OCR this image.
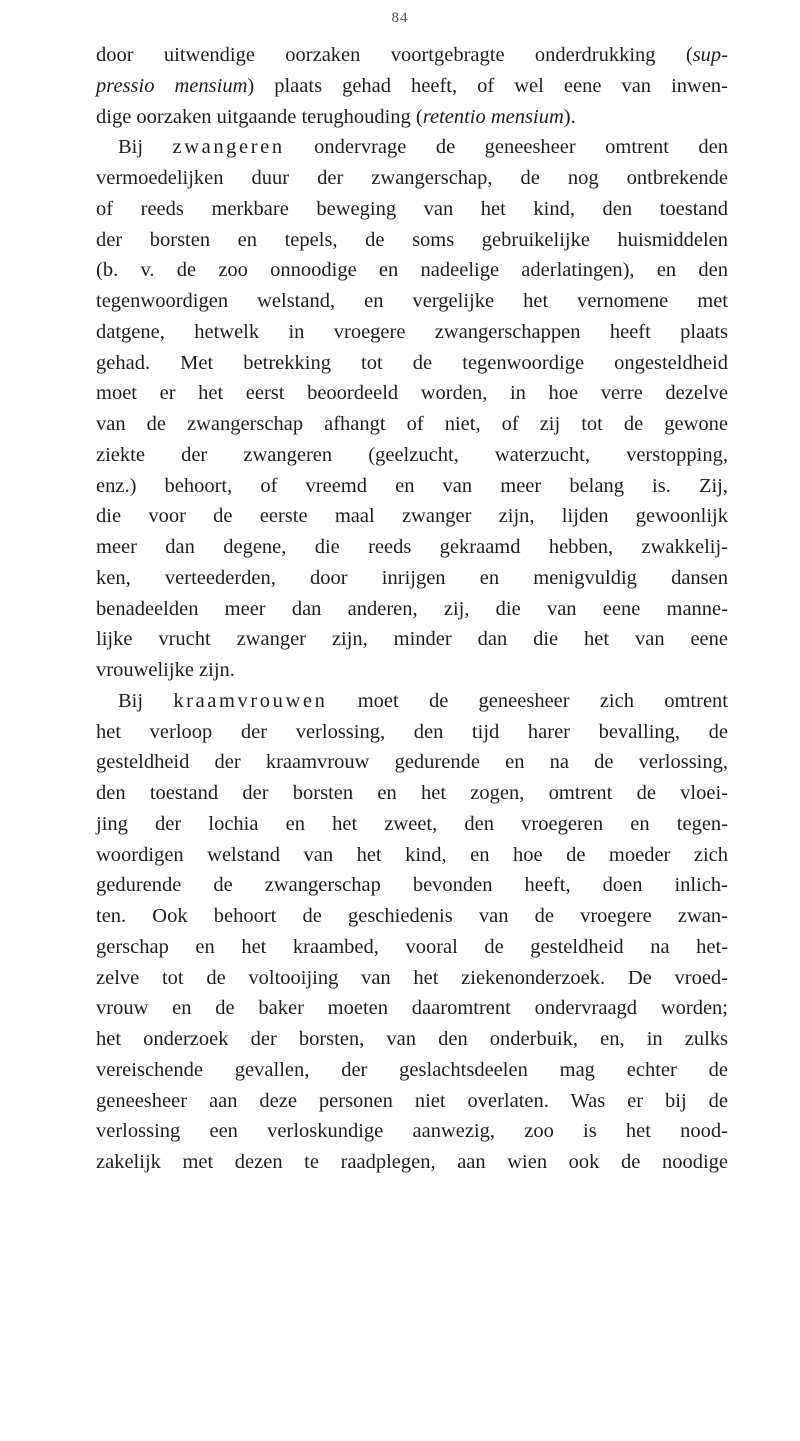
84
door uitwendige oorzaken voortgebragte onderdrukking (sup-
pressio mensium) plaats gehad heeft, of wel eene van inwen-
dige oorzaken uitgaande terughouding (retentio mensium).
Bij zwangeren ondervrage de geneesheer omtrent den
vermoedelijken duur der zwangerschap, de nog ontbrekende
of reeds merkbare beweging van het kind, den toestand
der borsten en tepels, de soms gebruikelijke huismiddelen
(b. v. de zoo onnoodige en nadeelige aderlatingen), en den
tegenwoordigen welstand, en vergelijke het vernomene met
datgene, hetwelk in vroegere zwangerschappen heeft plaats
gehad. Met betrekking tot de tegenwoordige ongesteldheid
moet er het eerst beoordeeld worden, in hoe verre dezelve
van de zwangerschap afhangt of niet, of zij tot de gewone
ziekte der zwangeren (geelzucht, waterzucht, verstopping,
enz.) behoort, of vreemd en van meer belang is. Zij,
die voor de eerste maal zwanger zijn, lijden gewoonlijk
meer dan degene, die reeds gekraamd hebben, zwakkelij-
ken, verteederden, door inrijgen en menigvuldig dansen
benadeelden meer dan anderen, zij, die van eene manne-
lijke vrucht zwanger zijn, minder dan die het van eene
vrouwelijke zijn.
Bij kraamvrouwen moet de geneesheer zich omtrent
het verloop der verlossing, den tijd harer bevalling, de
gesteldheid der kraamvrouw gedurende en na de verlossing,
den toestand der borsten en het zogen, omtrent de vloei-
jing der lochia en het zweet, den vroegeren en tegen-
woordigen welstand van het kind, en hoe de moeder zich
gedurende de zwangerschap bevonden heeft, doen inlich-
ten. Ook behoort de geschiedenis van de vroegere zwan-
gerschap en het kraambed, vooral de gesteldheid na het-
zelve tot de voltooijing van het ziekenonderzoek. De vroed-
vrouw en de baker moeten daaromtrent ondervraagd worden;
het onderzoek der borsten, van den onderbuik, en, in zulks
vereischende gevallen, der geslachtsdeelen mag echter de
geneesheer aan deze personen niet overlaten. Was er bij de
verlossing een verloskundige aanwezig, zoo is het nood-
zakelijk met dezen te raadplegen, aan wien ook de noodige
